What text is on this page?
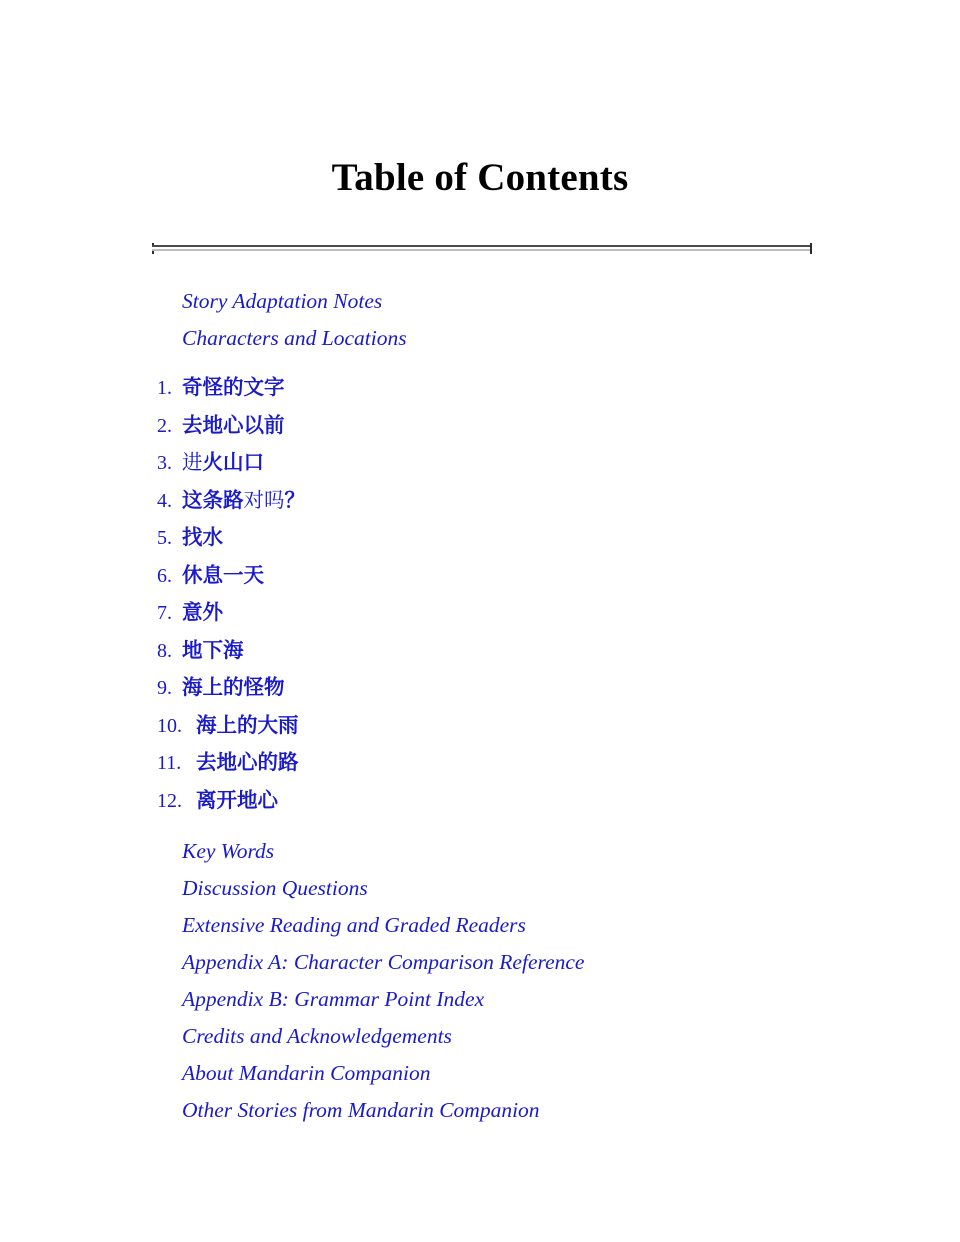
Table of Contents
Story Adaptation Notes
Characters and Locations
1. 奇怪的文字
2. 去地心以前
3. 进火山口
4. 这条路对吗？
5. 找水
6. 休息一天
7. 意外
8. 地下海
9. 海上的怪物
10. 海上的大雨
11. 去地心的路
12. 离开地心
Key Words
Discussion Questions
Extensive Reading and Graded Readers
Appendix A: Character Comparison Reference
Appendix B: Grammar Point Index
Credits and Acknowledgements
About Mandarin Companion
Other Stories from Mandarin Companion
